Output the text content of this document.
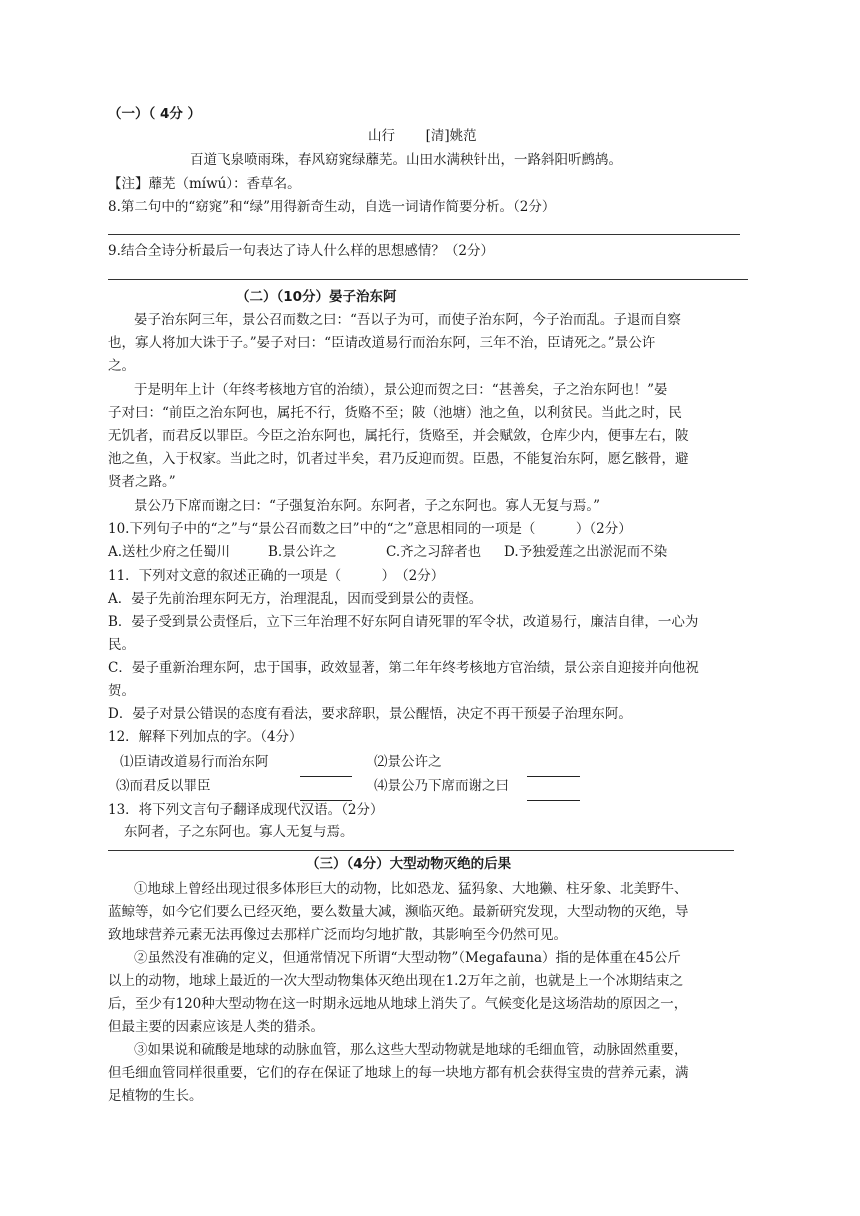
（一）（ 4分 ）
山行 [清]姚范
百道飞泉喷雨珠，春风窈窕绿蘼芜。山田水满秧针出，一路斜阳听鹧鸪。
【注】蘼芜（míwú）：香草名。
8.第二句中的“窈窕”和“绿”用得新奇生动，自选一词请作简要分析。（2分）
9.结合全诗分析最后一句表达了诗人什么样的思想感情？（2分）
（二）（10分）晏子治东阿
晏子治东阿三年，景公召而数之曰：“吾以子为可，而使子治东阿，今子治而乱。子退而自察
也，寡人将加大诛于子。”晏子对曰：“臣请改道易行而治东阿，三年不治，臣请死之。”景公许
之。
于是明年上计（年终考核地方官的治绩），景公迎而贺之曰：“甚善矣，子之治东阿也！”晏
子对曰：“前臣之治东阿也，属托不行，货赂不至；陂（池塘）池之鱼，以利贫民。当此之时，民
无饥者，而君反以罪臣。今臣之治东阿也，属托行，货赂至，并会赋敛，仓库少内，便事左右，陂
池之鱼，入于权家。当此之时，饥者过半矣，君乃反迎而贺。臣愚，不能复治东阿，愿乞骸骨，避
贤者之路。”
景公乃下席而谢之曰：“子强复治东阿。东阿者，子之东阿也。寡人无复与焉。”
10.下列句子中的“之”与“景公召而数之曰”中的“之”意思相同的一项是（　　　）（2分）
A.送杜少府之任蜀川	B.景公许之	C.齐之习辞者也 D.予独爱莲之出淤泥而不染
11．下列对文意的叙述正确的一项是（　　　）　（2分）
A．晏子先前治理东阿无方，治理混乱，因而受到景公的责怪。
B．晏子受到景公责怪后，立下三年治理不好东阿自请死罪的军令状，改道易行，廉洁自律，一心为
民。
C．晏子重新治理东阿，忠于国事，政效显著，第二年年终考核地方官治绩，景公亲自迎接并向他祝
贺。
D．晏子对景公错误的态度有看法，要求辞职，景公醒悟，决定不再干预晏子治理东阿。
12．解释下列加点的字。（4分）
⑴臣请改道易行而治东阿	⑵景公许之
⑶而君反以罪臣	⑷景公乃下席而谢之曰
13．将下列文言句子翻译成现代汉语。（2分）
东阿者，子之东阿也。寡人无复与焉。
（三）（4分）大型动物灭绝的后果
①地球上曾经出现过很多体形巨大的动物，比如恐龙、猛犸象、大地獭、柱牙象、北美野牛、
蓝鲸等，如今它们要么已经灭绝，要么数量大减，濒临灭绝。最新研究发现，大型动物的灭绝，导
致地球营养元素无法再像过去那样广泛而均匀地扩散，其影响至今仍然可见。
②虽然没有准确的定义，但通常情况下所谓“大型动物”（Megafauna）指的是体重在45公斤
以上的动物，地球上最近的一次大型动物集体灭绝出现在1.2万年之前，也就是上一个冰期结束之
后，至少有120种大型动物在这一时期永远地从地球上消失了。气候变化是这场浩劫的原因之一，
但最主要的因素应该是人类的猎杀。
③如果说和硫酸是地球的动脉血管，那么这些大型动物就是地球的毛细血管，动脉固然重要，
但毛细血管同样很重要，它们的存在保证了地球上的每一块地方都有机会获得宝贵的营养元素，满
足植物的生长。
